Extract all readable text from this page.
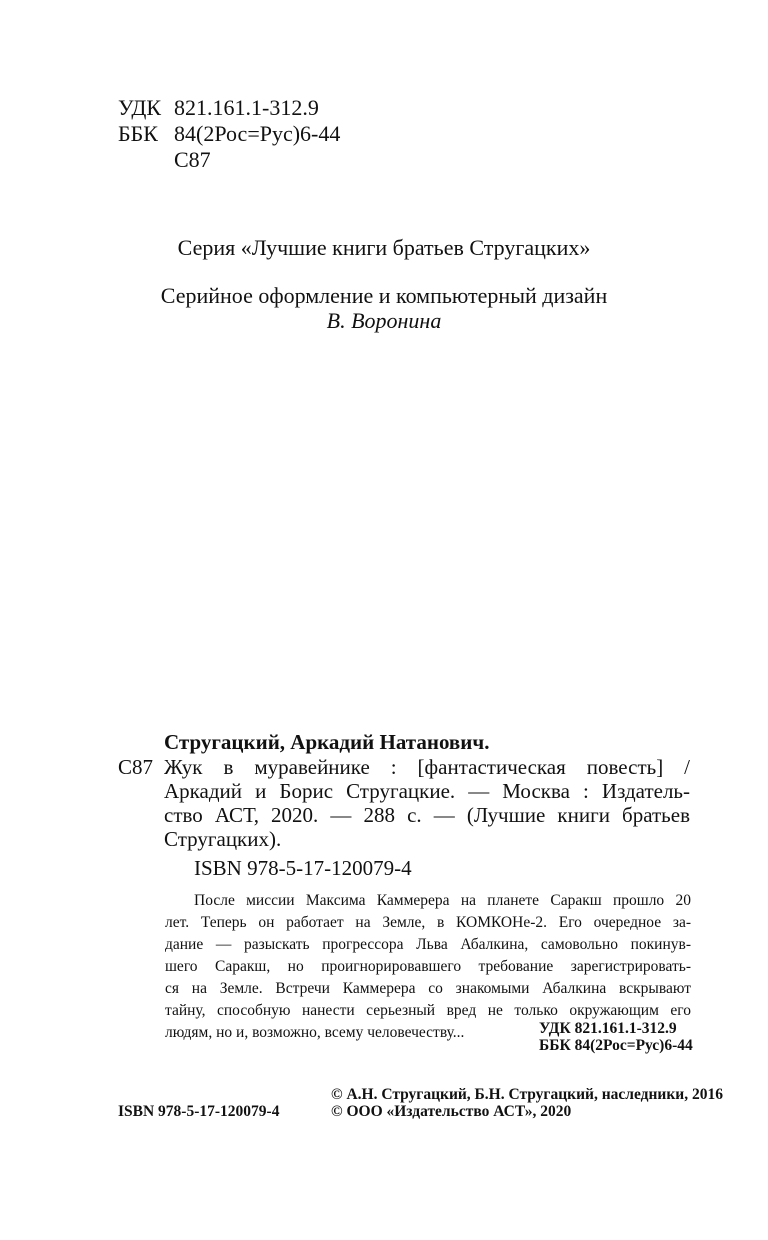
УДК 821.161.1-312.9
ББК 84(2Рос=Рус)6-44
С87
Серия «Лучшие книги братьев Стругацких»
Серийное оформление и компьютерный дизайн
В. Воронина
Стругацкий, Аркадий Натанович.
С87 Жук в муравейнике : [фантастическая повесть] /
Аркадий и Борис Стругацкие. — Москва : Издатель-
ство АСТ, 2020. — 288 с. — (Лучшие книги братьев
Стругацких).
ISBN 978-5-17-120079-4
После миссии Максима Каммерера на планете Саракш прошло 20
лет. Теперь он работает на Земле, в КОМКОНе-2. Его очередное за-
дание — разыскать прогрессора Льва Абалкина, самовольно покинув-
шего Саракш, но проигнорировавшего требование зарегистрировать-
ся на Земле. Встречи Каммерера со знакомыми Абалкина вскрывают
тайну, способную нанести серьезный вред не только окружающим его
людям, но и, возможно, всему человечеству...	УДК 821.161.1-312.9
ББК 84(2Рос=Рус)6-44
ISBN 978-5-17-120079-4
© А.Н. Стругацкий, Б.Н. Стругацкий, наследники, 2016
© ООО «Издательство АСТ», 2020
